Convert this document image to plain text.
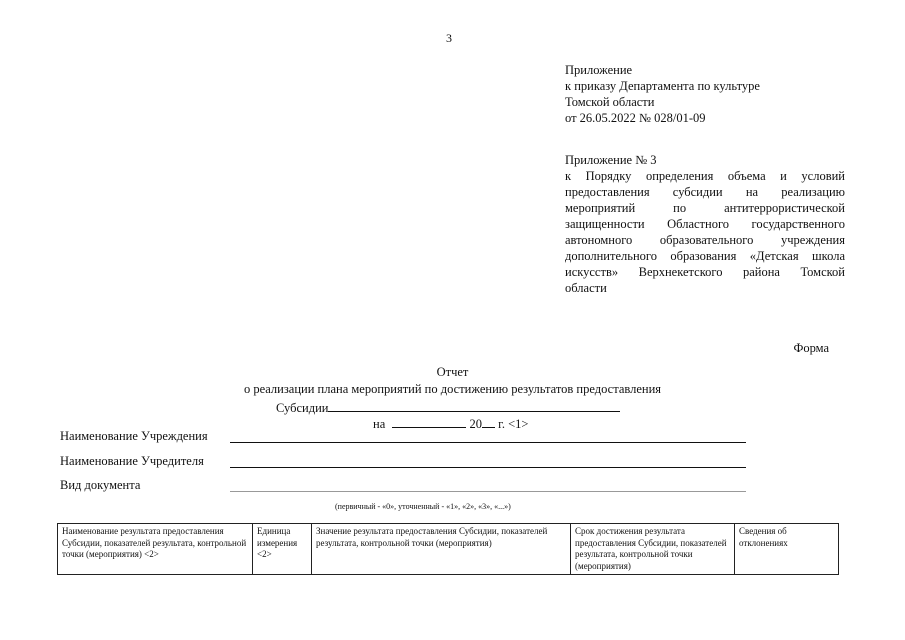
3
Приложение
к приказу Департамента по культуре
Томской области
от 26.05.2022 № 028/01-09
Приложение № 3
к Порядку определения объема и условий
предоставления субсидии на реализацию
мероприятий по антитеррористической
защищенности Областного государственного
автономного образовательного учреждения
дополнительного образования «Детская школа
искусств» Верхнекетского района Томской
области
Форма
Отчет
о реализации плана мероприятий по достижению результатов предоставления
Субсидии
на	20 г. <1>
Наименование Учреждения
Наименование Учредителя
Вид документа
(первичный - «0», уточненный - «1», «2», «3», «...»)
Наименование результата предоставления Субсидии, показателей результата, контрольной точки (мероприятия) <2>	Единица измерения <2>	Значение результата предоставления Субсидии, показателей результата, контрольной точки (мероприятия)	Срок достижения результата предоставления Субсидии, показателей результата, контрольной точки (мероприятия)	Сведения об отклонениях
